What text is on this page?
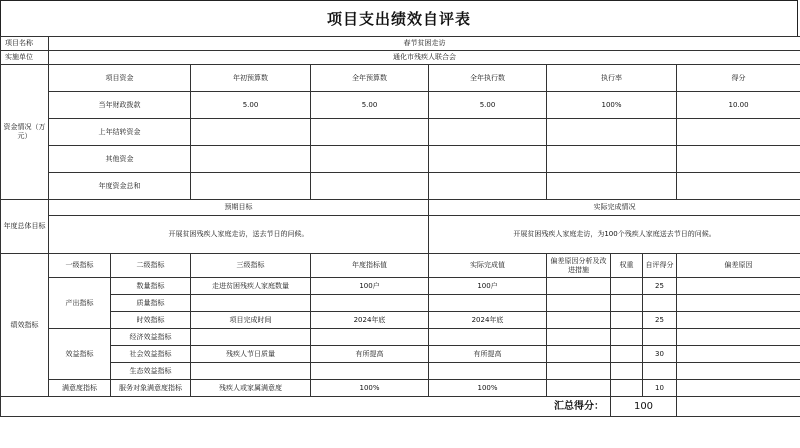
项目支出绩效自评表
项目名称	春节贫困走访								
实施单位	通化市残疾人联合会								
资金情况（万元）	项目资金		年初预算数	全年预算数	全年执行数	执行率			得分
	当年财政拨款		5.00	5.00	5.00	100%			10.00
	上年结转资金								
	其他资金								
	年度资金总和								
年度总体目标	预期目标				实际完成情况				
	开展贫困残疾人家庭走访，送去节日的问候。				开展贫困残疾人家庭走访，为100个残疾人家庭送去节日的问候。				
绩效指标	一级指标	二级指标	三级指标	年度指标值	实际完成值	偏差原因分析及改进措施	权重	自评得分	偏差原因
	产出指标	数量指标	走进贫困残疾人家庭数量	100户	100户			25	
		质量指标							
		时效指标	项目完成时间	2024年底	2024年底			25	
	效益指标	经济效益指标							
		社会效益指标	残疾人节日质量	有所提高	有所提高			30	
		生态效益指标							
	满意度指标	服务对象满意度指标	残疾人或家属满意度	100%	100%			10	
汇总得分：							100		
